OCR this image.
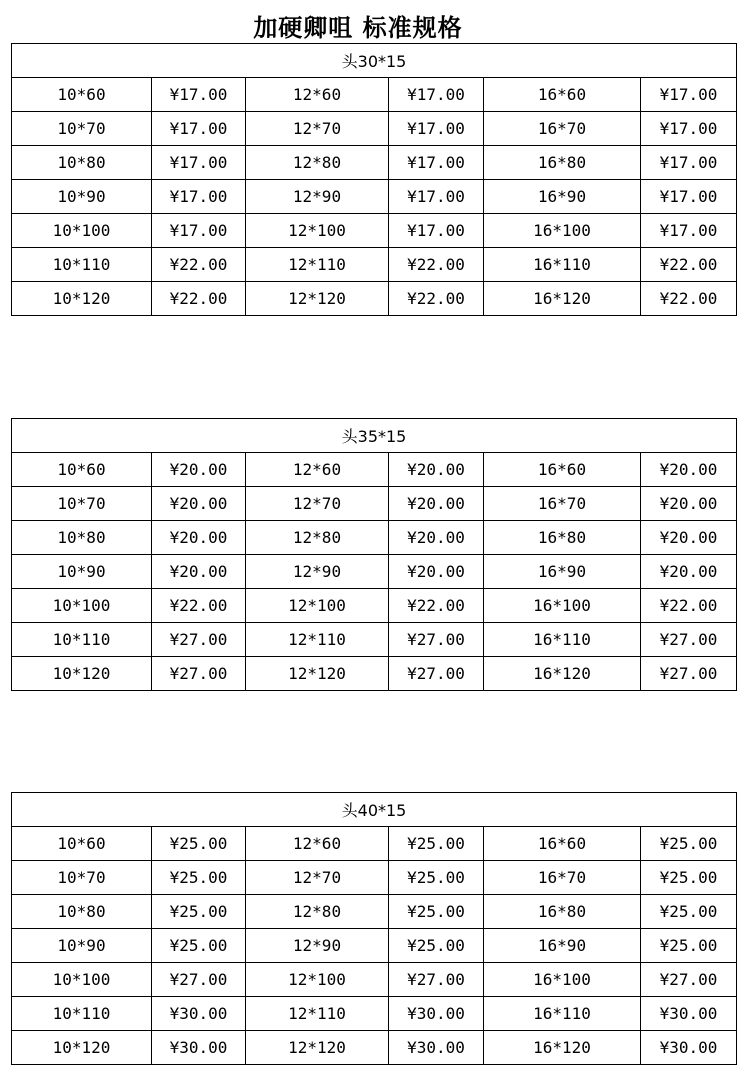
加硬卿咀 标准规格
头30*15					
10*60	¥17.00	12*60	¥17.00	16*60	¥17.00
10*70	¥17.00	12*70	¥17.00	16*70	¥17.00
10*80	¥17.00	12*80	¥17.00	16*80	¥17.00
10*90	¥17.00	12*90	¥17.00	16*90	¥17.00
10*100	¥17.00	12*100	¥17.00	16*100	¥17.00
10*110	¥22.00	12*110	¥22.00	16*110	¥22.00
10*120	¥22.00	12*120	¥22.00	16*120	¥22.00
头35*15					
10*60	¥20.00	12*60	¥20.00	16*60	¥20.00
10*70	¥20.00	12*70	¥20.00	16*70	¥20.00
10*80	¥20.00	12*80	¥20.00	16*80	¥20.00
10*90	¥20.00	12*90	¥20.00	16*90	¥20.00
10*100	¥22.00	12*100	¥22.00	16*100	¥22.00
10*110	¥27.00	12*110	¥27.00	16*110	¥27.00
10*120	¥27.00	12*120	¥27.00	16*120	¥27.00
头40*15					
10*60	¥25.00	12*60	¥25.00	16*60	¥25.00
10*70	¥25.00	12*70	¥25.00	16*70	¥25.00
10*80	¥25.00	12*80	¥25.00	16*80	¥25.00
10*90	¥25.00	12*90	¥25.00	16*90	¥25.00
10*100	¥27.00	12*100	¥27.00	16*100	¥27.00
10*110	¥30.00	12*110	¥30.00	16*110	¥30.00
10*120	¥30.00	12*120	¥30.00	16*120	¥30.00
